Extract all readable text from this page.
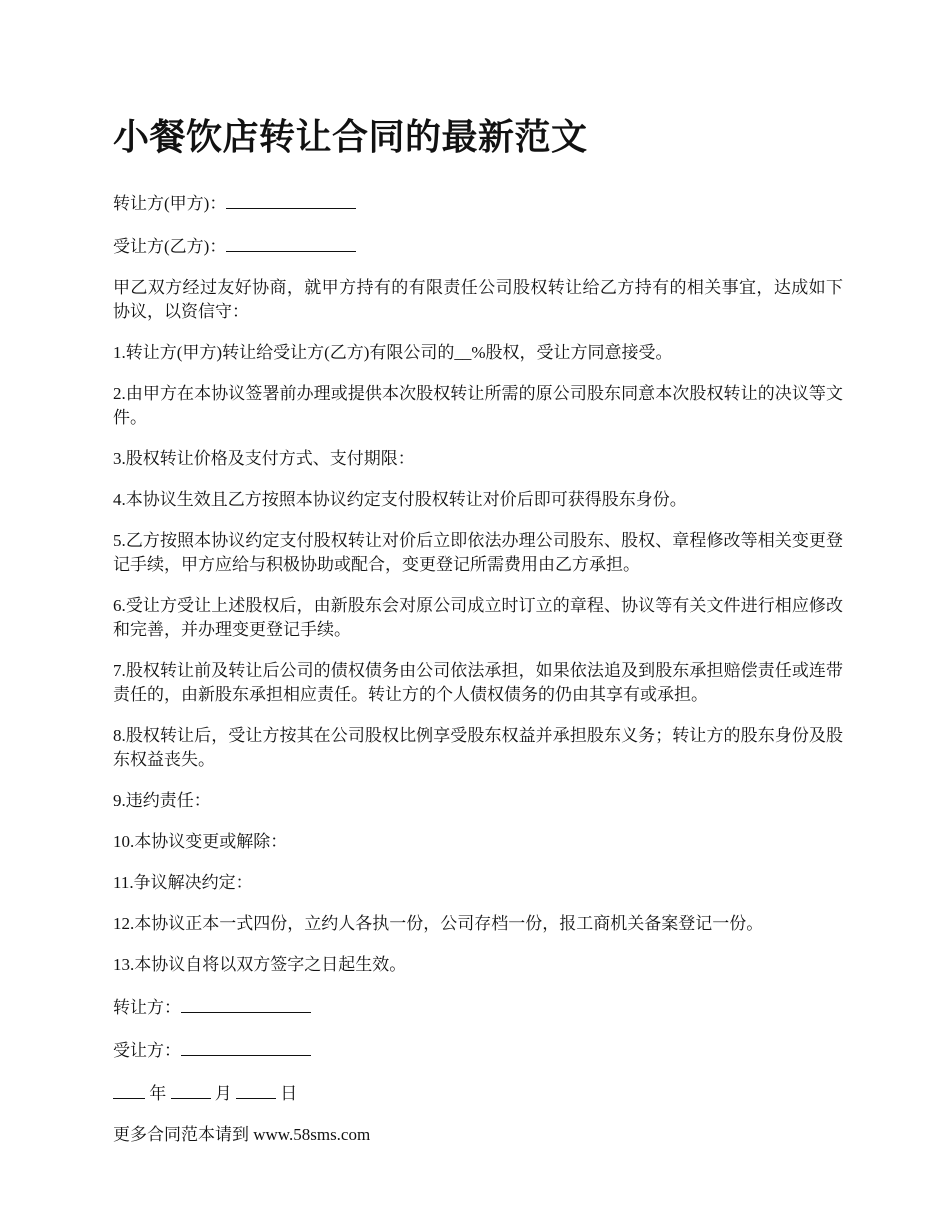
小餐饮店转让合同的最新范文

转让方(甲方)：

受让方(乙方)：

甲乙双方经过友好协商，就甲方持有的有限责任公司股权转让给乙方持有的相关事宜，达成如下协议，以资信守：

1.转让方(甲方)转让给受让方(乙方)有限公司的__%股权，受让方同意接受。

2.由甲方在本协议签署前办理或提供本次股权转让所需的原公司股东同意本次股权转让的决议等文件。

3.股权转让价格及支付方式、支付期限：

4.本协议生效且乙方按照本协议约定支付股权转让对价后即可获得股东身份。

5.乙方按照本协议约定支付股权转让对价后立即依法办理公司股东、股权、章程修改等相关变更登记手续，甲方应给与积极协助或配合，变更登记所需费用由乙方承担。

6.受让方受让上述股权后，由新股东会对原公司成立时订立的章程、协议等有关文件进行相应修改和完善，并办理变更登记手续。

7.股权转让前及转让后公司的债权债务由公司依法承担，如果依法追及到股东承担赔偿责任或连带责任的，由新股东承担相应责任。转让方的个人债权债务的仍由其享有或承担。

8.股权转让后，受让方按其在公司股权比例享受股东权益并承担股东义务；转让方的股东身份及股东权益丧失。

9.违约责任：

10.本协议变更或解除：

11.争议解决约定：

12.本协议正本一式四份，立约人各执一份，公司存档一份，报工商机关备案登记一份。

13.本协议自将以双方签字之日起生效。

转让方：

受让方：

年	月	日

更多合同范本请到 www.58sms.com
